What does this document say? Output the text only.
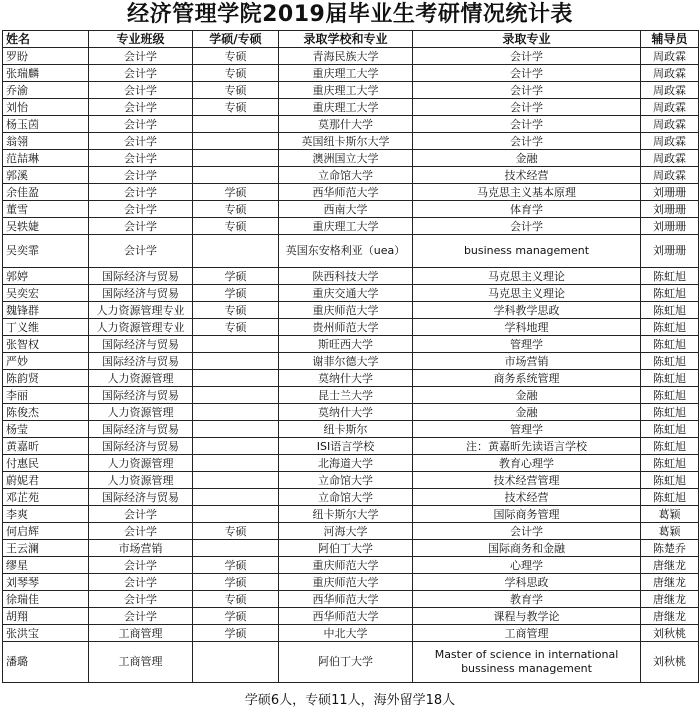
经济管理学院2019届毕业生考研情况统计表
姓名	专业班级	学硕/专硕	录取学校和专业	录取专业	辅导员
罗盼	会计学	专硕	青海民族大学	会计学	周政霖
张瑞麟	会计学	专硕	重庆理工大学	会计学	周政霖
乔渝	会计学	专硕	重庆理工大学	会计学	周政霖
刘怡	会计学	专硕	重庆理工大学	会计学	周政霖
杨玉茵	会计学		莫那什大学	会计学	周政霖
翁翎	会计学		英国纽卡斯尔大学	会计学	周政霖
范喆琳	会计学		澳洲国立大学	金融	周政霖
郭溪	会计学		立命馆大学	技术经营	周政霖
余佳盈	会计学	学硕	西华师范大学	马克思主义基本原理	刘珊珊
董雪	会计学	专硕	西南大学	体育学	刘珊珊
吴轶婕	会计学	专硕	重庆理工大学	会计学	刘珊珊
吴奕霏	会计学		英国东安格利亚（uea）	business management	刘珊珊
郭婷	国际经济与贸易	学硕	陕西科技大学	马克思主义理论	陈虹旭
吴奕宏	国际经济与贸易	学硕	重庆交通大学	马克思主义理论	陈虹旭
魏锋群	人力资源管理专业	专硕	重庆师范大学	学科教学思政	陈虹旭
丁义维	人力资源管理专业	专硕	贵州师范大学	学科地理	陈虹旭
张智权	国际经济与贸易		斯旺西大学	管理学	陈虹旭
严妙	国际经济与贸易		谢菲尔德大学	市场营销	陈虹旭
陈韵贤	人力资源管理		莫纳什大学	商务系统管理	陈虹旭
李丽	国际经济与贸易		昆士兰大学	金融	陈虹旭
陈俊杰	人力资源管理		莫纳什大学	金融	陈虹旭
杨莹	国际经济与贸易		纽卡斯尔	管理学	陈虹旭
黄嘉昕	国际经济与贸易		ISI语言学校	注：黄嘉昕先读语言学校	陈虹旭
付惠民	人力资源管理		北海道大学	教育心理学	陈虹旭
蔚妮君	人力资源管理		立命馆大学	技术经营管理	陈虹旭
邓芷苑	国际经济与贸易		立命馆大学	技术经营	陈虹旭
李爽	会计学		纽卡斯尔大学	国际商务管理	葛颖
何启辉	会计学	专硕	河海大学	会计学	葛颖
王云澜	市场营销		阿伯丁大学	国际商务和金融	陈楚乔
缪星	会计学	学硕	重庆师范大学	心理学	唐继龙
刘琴琴	会计学	学硕	重庆师范大学	学科思政	唐继龙
徐瑞佳	会计学	专硕	西华师范大学	教育学	唐继龙
胡翔	会计学	学硕	西华师范大学	课程与教学论	唐继龙
张洪宝	工商管理	学硕	中北大学	工商管理	刘秋桃
潘璐	工商管理		阿伯丁大学	Master of science in international bussiness management	刘秋桃
学硕6人，专硕11人，海外留学18人
